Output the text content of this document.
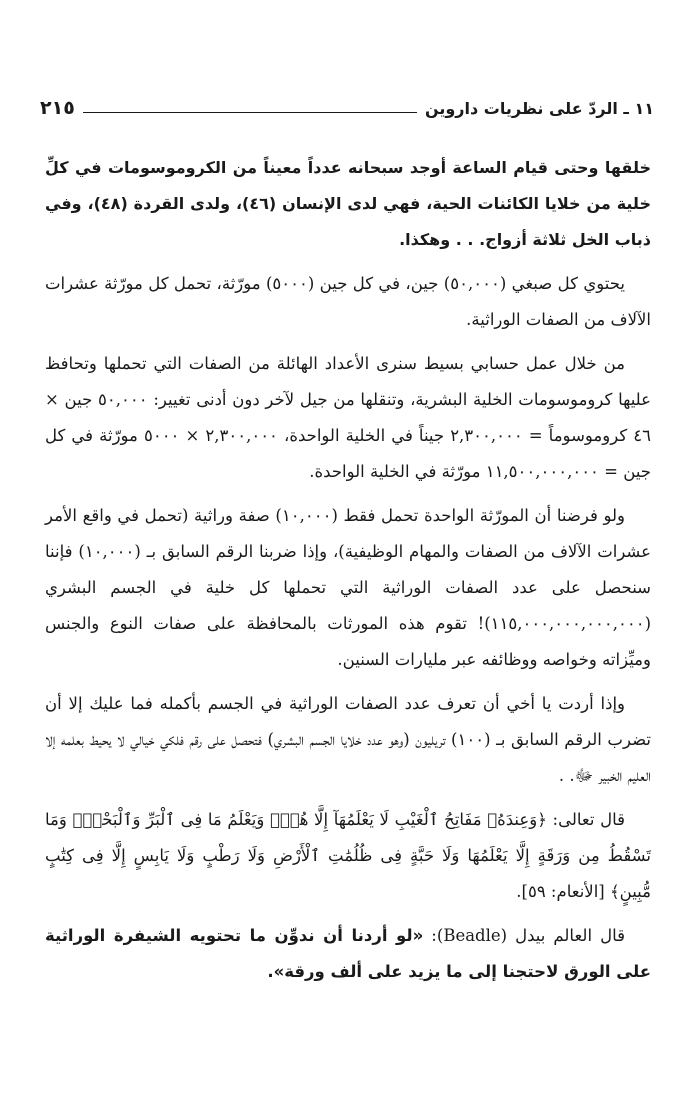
١١ ـ الردّ على نظريات داروين
٢١٥

خلقها وحتى قيام الساعة أوجد سبحانه عدداً معيناً من الكروموسومات في كلِّ خلية من خلايا الكائنات الحية، فهي لدى الإنسان (٤٦)، ولدى القردة (٤٨)، وفي ذباب الخل ثلاثة أزواج. . . وهكذا.

يحتوي كل صبغي (٥٠,٠٠٠) جين، في كل جين (٥٠٠٠) مورّثة، تحمل كل مورّثة عشرات الآلاف من الصفات الوراثية.

من خلال عمل حسابي بسيط سنرى الأعداد الهائلة من الصفات التي تحملها وتحافظ عليها كروموسومات الخلية البشرية، وتنقلها من جيل لآخر دون أدنى تغيير: ٥٠,٠٠٠ جين × ٤٦ كروموسوماً = ٢,٣٠٠,٠٠٠ جيناً في الخلية الواحدة، ٢,٣٠٠,٠٠٠ × ٥٠٠٠ مورّثة في كل جين = ١١,٥٠٠,٠٠٠,٠٠٠ مورّثة في الخلية الواحدة.

ولو فرضنا أن المورّثة الواحدة تحمل فقط (١٠,٠٠٠) صفة وراثية (تحمل في واقع الأمر عشرات الآلاف من الصفات والمهام الوظيفية)، وإذا ضربنا الرقم السابق بـ (١٠,٠٠٠) فإننا سنحصل على عدد الصفات الوراثية التي تحملها كل خلية في الجسم البشري (١١٥,٠٠٠,٠٠٠,٠٠٠,٠٠٠)! تقوم هذه المورثات بالمحافظة على صفات النوع والجنس وميِّزاته وخواصه ووظائفه عبر مليارات السنين.

وإذا أردت يا أخي أن تعرف عدد الصفات الوراثية في الجسم بأكمله فما عليك إلا أن تضرب الرقم السابق بـ (١٠٠) تريليون (وهو عدد خلايا الجسم البشري) فتحصل على رقم فلكي خيالي لا يحيط بعلمه إلا العليم الخبير ﷻ. .

قال تعالى: ﴿وَعِندَهُۥ مَفَاتِحُ ٱلْغَيْبِ لَا يَعْلَمُهَآ إِلَّا هُوَۚ وَيَعْلَمُ مَا فِى ٱلْبَرِّ وَٱلْبَحْرِۚ وَمَا تَسْقُطُ مِن وَرَقَةٍ إِلَّا يَعْلَمُهَا وَلَا حَبَّةٍ فِى ظُلُمَٰتِ ٱلْأَرْضِ وَلَا رَطْبٍ وَلَا يَابِسٍ إِلَّا فِى كِتَٰبٍ مُّبِينٍ﴾ [الأنعام: ٥٩].

قال العالم بيدل (Beadle): «لو أردنا أن ندوِّن ما تحتويه الشيفرة الوراثية على الورق لاحتجنا إلى ما يزيد على ألف ورقة».
